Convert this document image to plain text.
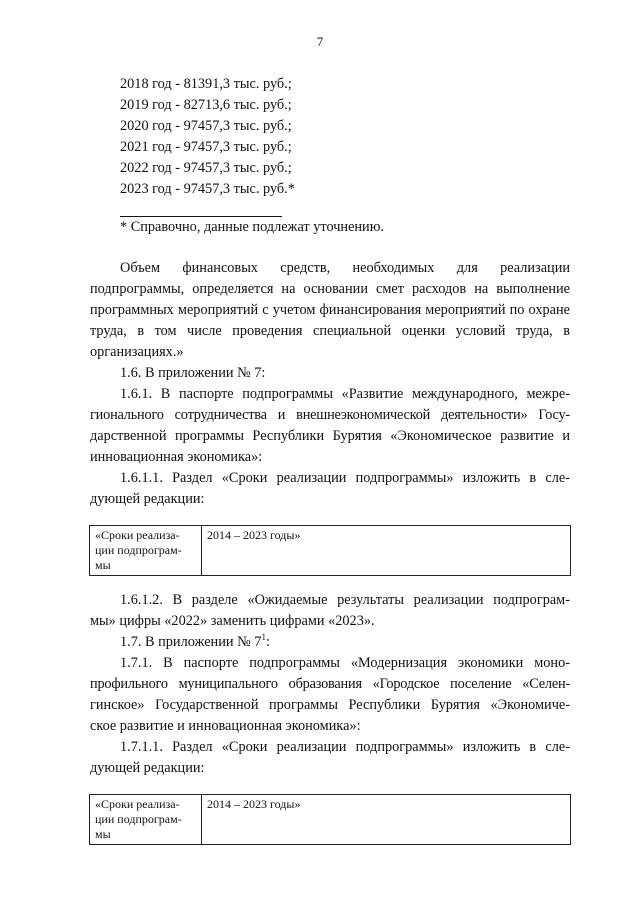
7
2018 год - 81391,3 тыс. руб.;
2019 год - 82713,6 тыс. руб.;
2020 год - 97457,3 тыс. руб.;
2021 год - 97457,3 тыс. руб.;
2022 год - 97457,3 тыс. руб.;
2023 год - 97457,3 тыс. руб.*
* Справочно, данные подлежат уточнению.
Объем финансовых средств, необходимых для реализации подпрограммы, определяется на основании смет расходов на выполнение программных мероприятий с учетом финансирования мероприятий по охране труда, в том числе проведения специальной оценки условий труда, в организациях.»
1.6. В приложении № 7:
1.6.1. В паспорте подпрограммы «Развитие международного, межре-
гионального сотрудничества и внешнеэкономической деятельности» Госу-
дарственной программы Республики Бурятия «Экономическое развитие и
инновационная экономика»:
1.6.1.1. Раздел «Сроки реализации подпрограммы» изложить в сле-
дующей редакции:
«Сроки реализа-
ции подпрограм-
мы
	2014 – 2023 годы»
1.6.1.2. В разделе «Ожидаемые результаты реализации подпрограм-
мы» цифры «2022» заменить цифрами «2023».
1.7. В приложении № $7^1$:
1.7.1. В паспорте подпрограммы «Модернизация экономики моно-
профильного муниципального образования «Городское поселение «Селен-
гинское» Государственной программы Республики Бурятия «Экономиче-
ское развитие и инновационная экономика»:
1.7.1.1. Раздел «Сроки реализации подпрограммы» изложить в сле-
дующей редакции:
«Сроки реализа-
ции подпрограм-
мы
	2014 – 2023 годы»
